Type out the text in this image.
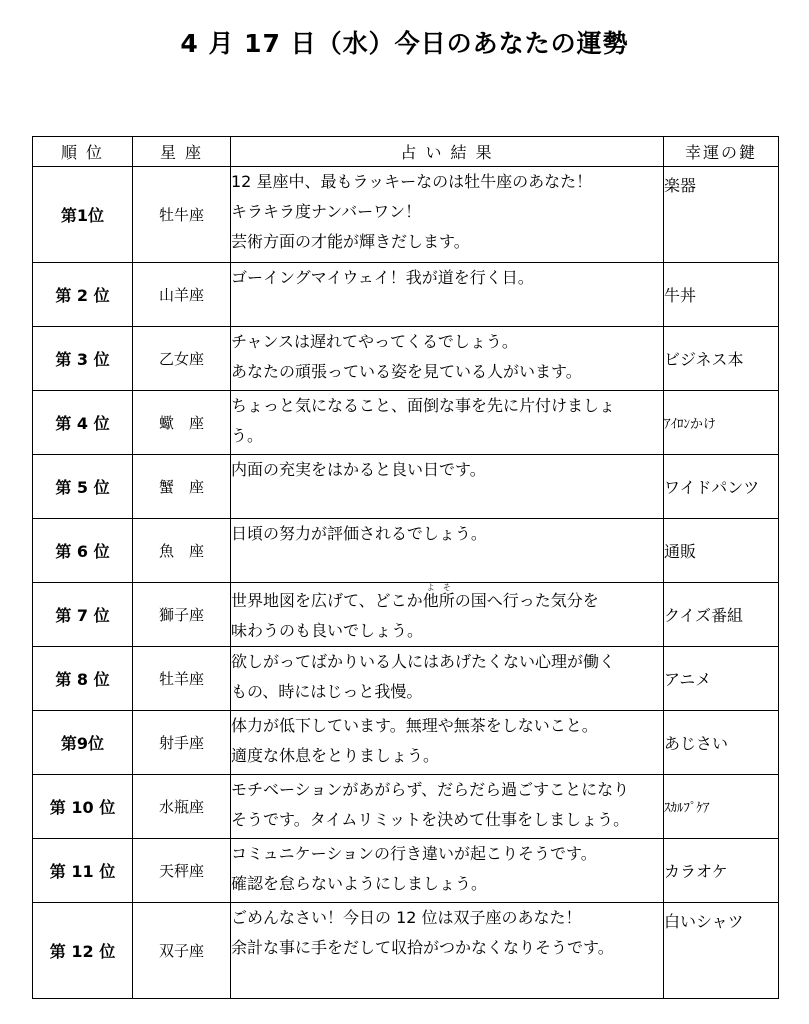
4 月 17 日（水）今日のあなたの運勢
順 位	星 座	占 い 結 果	幸運の鍵
第1位	牡牛座	12 星座中、最もラッキーなのは牡牛座のあなた！
キラキラ度ナンバーワン！
芸術方面の才能が輝きだします。	楽器
第 2 位	山羊座	ゴーイングマイウェイ！我が道を行く日。	牛丼
第 3 位	乙女座	チャンスは遅れてやってくるでしょう。
あなたの頑張っている姿を見ている人がいます。	ビジネス本
第 4 位	蠍　座	ちょっと気になること、面倒な事を先に片付けましょ
う。	ｱｲﾛﾝかけ
第 5 位	蟹　座	内面の充実をはかると良い日です。	ワイドパンツ
第 6 位	魚　座	日頃の努力が評価されるでしょう。	通販
第 7 位	獅子座	世界地図を広げて、どこか他所よその国へ行った気分を
味わうのも良いでしょう。	クイズ番組
第 8 位	牡羊座	欲しがってばかりいる人にはあげたくない心理が働く
もの、時にはじっと我慢。	アニメ
第9位	射手座	体力が低下しています。無理や無茶をしないこと。
適度な休息をとりましょう。	あじさい
第 10 位	水瓶座	モチベーションがあがらず、だらだら過ごすことになり
そうです。タイムリミットを決めて仕事をしましょう。	ｽｶﾙﾌﾟｹｱ
第 11 位	天秤座	コミュニケーションの行き違いが起こりそうです。
確認を怠らないようにしましょう。	カラオケ
第 12 位	双子座	ごめんなさい！今日の 12 位は双子座のあなた！
余計な事に手をだして収拾がつかなくなりそうです。	白いシャツ
